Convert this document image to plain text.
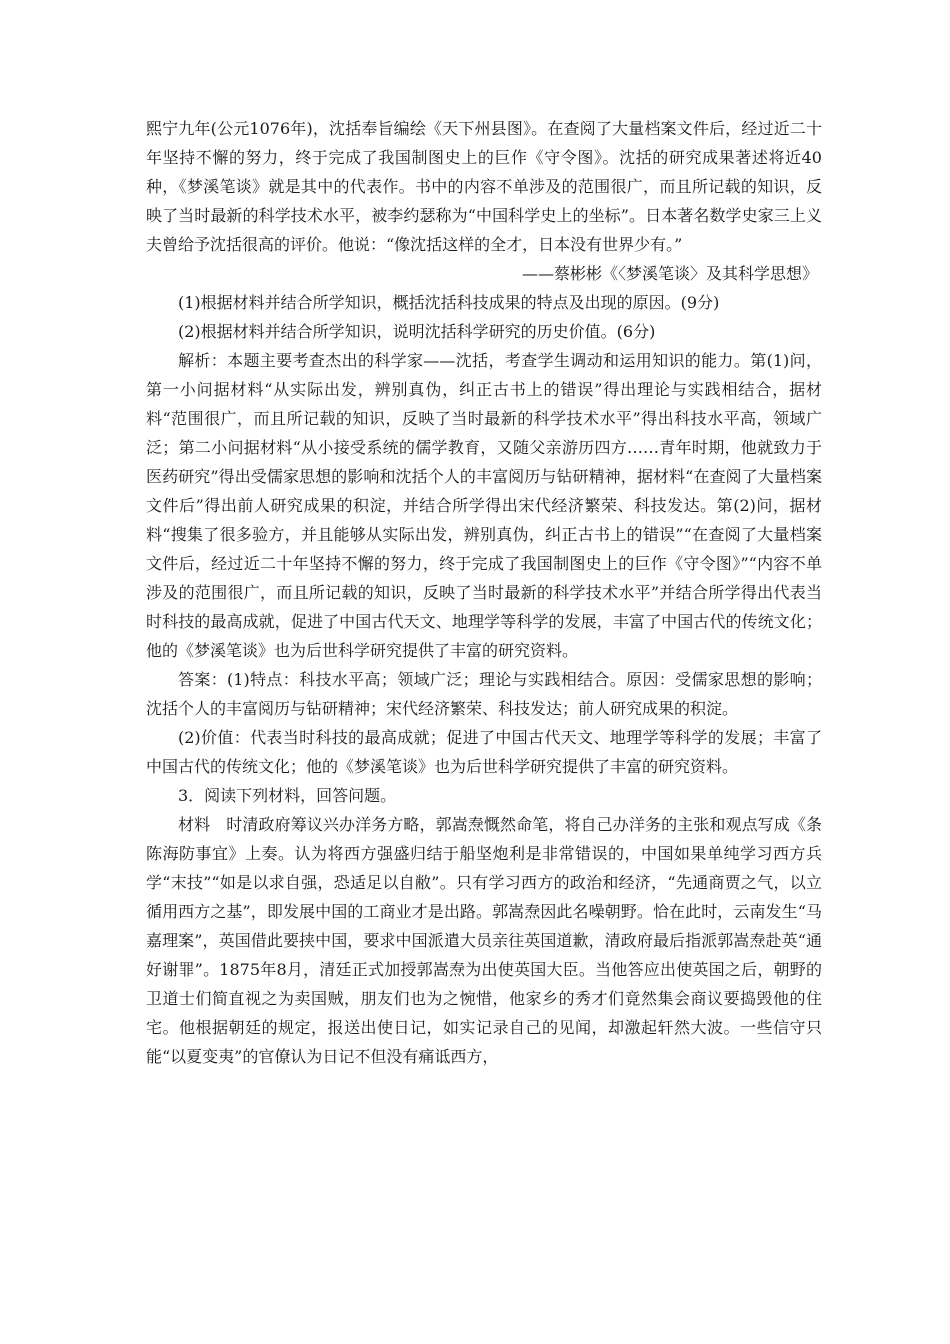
熙宁九年(公元1076年)，沈括奉旨编绘《天下州县图》。在查阅了大量档案文件后，经过近二十年坚持不懈的努力，终于完成了我国制图史上的巨作《守令图》。沈括的研究成果著述将近40种，《梦溪笔谈》就是其中的代表作。书中的内容不单涉及的范围很广，而且所记载的知识，反映了当时最新的科学技术水平，被李约瑟称为“中国科学史上的坐标”。日本著名数学史家三上义夫曾给予沈括很高的评价。他说：“像沈括这样的全才，日本没有世界少有。”

——蔡彬彬《〈梦溪笔谈〉及其科学思想》

(1)根据材料并结合所学知识，概括沈括科技成果的特点及出现的原因。(9分)

(2)根据材料并结合所学知识，说明沈括科学研究的历史价值。(6分)

解析：本题主要考查杰出的科学家——沈括，考查学生调动和运用知识的能力。第(1)问，第一小问据材料“从实际出发，辨别真伪，纠正古书上的错误”得出理论与实践相结合，据材料“范围很广，而且所记载的知识，反映了当时最新的科学技术水平”得出科技水平高，领域广泛；第二小问据材料“从小接受系统的儒学教育，又随父亲游历四方……青年时期，他就致力于医药研究”得出受儒家思想的影响和沈括个人的丰富阅历与钻研精神，据材料“在查阅了大量档案文件后”得出前人研究成果的积淀，并结合所学得出宋代经济繁荣、科技发达。第(2)问，据材料“搜集了很多验方，并且能够从实际出发，辨别真伪，纠正古书上的错误”“在查阅了大量档案文件后，经过近二十年坚持不懈的努力，终于完成了我国制图史上的巨作《守令图》”“内容不单涉及的范围很广，而且所记载的知识，反映了当时最新的科学技术水平”并结合所学得出代表当时科技的最高成就，促进了中国古代天文、地理学等科学的发展，丰富了中国古代的传统文化；他的《梦溪笔谈》也为后世科学研究提供了丰富的研究资料。

答案：(1)特点：科技水平高；领域广泛；理论与实践相结合。原因：受儒家思想的影响；沈括个人的丰富阅历与钻研精神；宋代经济繁荣、科技发达；前人研究成果的积淀。

(2)价值：代表当时科技的最高成就；促进了中国古代天文、地理学等科学的发展；丰富了中国古代的传统文化；他的《梦溪笔谈》也为后世科学研究提供了丰富的研究资料。

3．阅读下列材料，回答问题。

材料　时清政府筹议兴办洋务方略，郭嵩焘慨然命笔，将自己办洋务的主张和观点写成《条陈海防事宜》上奏。认为将西方强盛归结于船坚炮利是非常错误的，中国如果单纯学习西方兵学“末技”“如是以求自强，恐适足以自敝”。只有学习西方的政治和经济，“先通商贾之气，以立循用西方之基”，即发展中国的工商业才是出路。郭嵩焘因此名噪朝野。恰在此时，云南发生“马嘉理案”，英国借此要挟中国，要求中国派遣大员亲往英国道歉，清政府最后指派郭嵩焘赴英“通好谢罪”。1875年8月，清廷正式加授郭嵩焘为出使英国大臣。当他答应出使英国之后，朝野的卫道士们简直视之为卖国贼，朋友们也为之惋惜，他家乡的秀才们竟然集会商议要捣毁他的住宅。他根据朝廷的规定，报送出使日记，如实记录自己的见闻，却激起轩然大波。一些信守只能“以夏变夷”的官僚认为日记不但没有痛诋西方，
